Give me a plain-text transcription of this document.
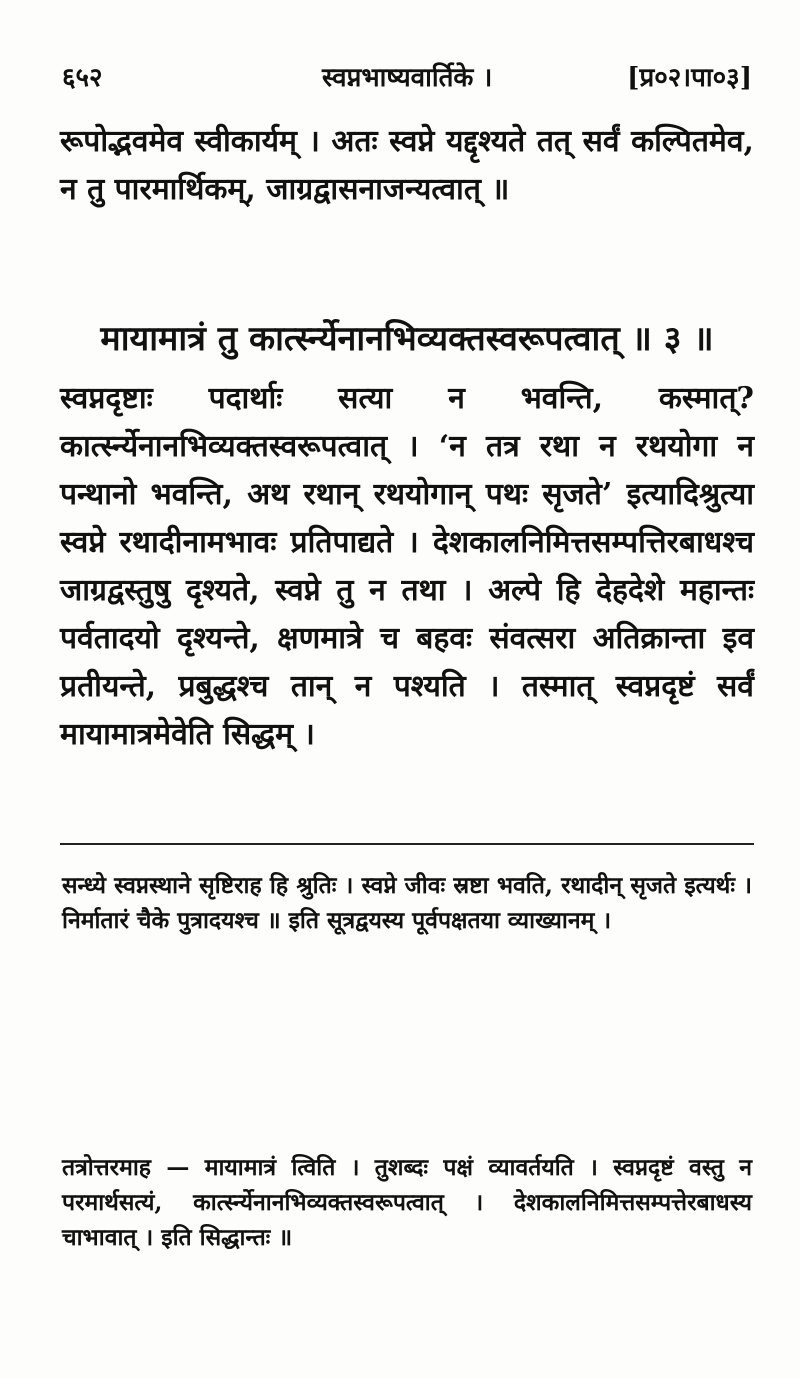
६५२	स्वप्नभाष्यवार्तिके ।	[प्र०२।पा०३]

रूपोद्भवमेव स्वीकार्यम् । अतः स्वप्ने यद्दृश्यते तत् सर्वं कल्पितमेव, न तु पारमार्थिकम्, जाग्रद्वासनाजन्यत्वात् ॥

मायामात्रं तु कार्त्स्न्येनानभिव्यक्तस्वरूपत्वात् ॥ ३ ॥

स्वप्नदृष्टाः पदार्थाः सत्या न भवन्ति, कस्मात्? कार्त्स्न्येनानभिव्यक्तस्वरूपत्वात् । ‘न तत्र रथा न रथयोगा न पन्थानो भवन्ति, अथ रथान् रथयोगान् पथः सृजते’ इत्यादिश्रुत्या स्वप्ने रथादीनामभावः प्रतिपाद्यते । देशकालनिमित्तसम्पत्तिरबाधश्च जाग्रद्वस्तुषु दृश्यते, स्वप्ने तु न तथा । अल्पे हि देहदेशे महान्तः पर्वतादयो दृश्यन्ते, क्षणमात्रे च बहवः संवत्सरा अतिक्रान्ता इव प्रतीयन्ते, प्रबुद्धश्च तान् न पश्यति । तस्मात् स्वप्नदृष्टं सर्वं मायामात्रमेवेति सिद्धम् ।

सन्ध्ये स्वप्नस्थाने सृष्टिराह हि श्रुतिः । स्वप्ने जीवः स्रष्टा भवति, रथादीन् सृजते इत्यर्थः । निर्मातारं चैके पुत्रादयश्च ॥ इति सूत्रद्वयस्य पूर्वपक्षतया व्याख्यानम् ।

तत्रोत्तरमाह — मायामात्रं त्विति । तुशब्दः पक्षं व्यावर्तयति । स्वप्नदृष्टं वस्तु न परमार्थसत्यं, कार्त्स्न्येनानभिव्यक्तस्वरूपत्वात् । देशकालनिमित्तसम्पत्तेरबाधस्य चाभावात् । इति सिद्धान्तः ॥
